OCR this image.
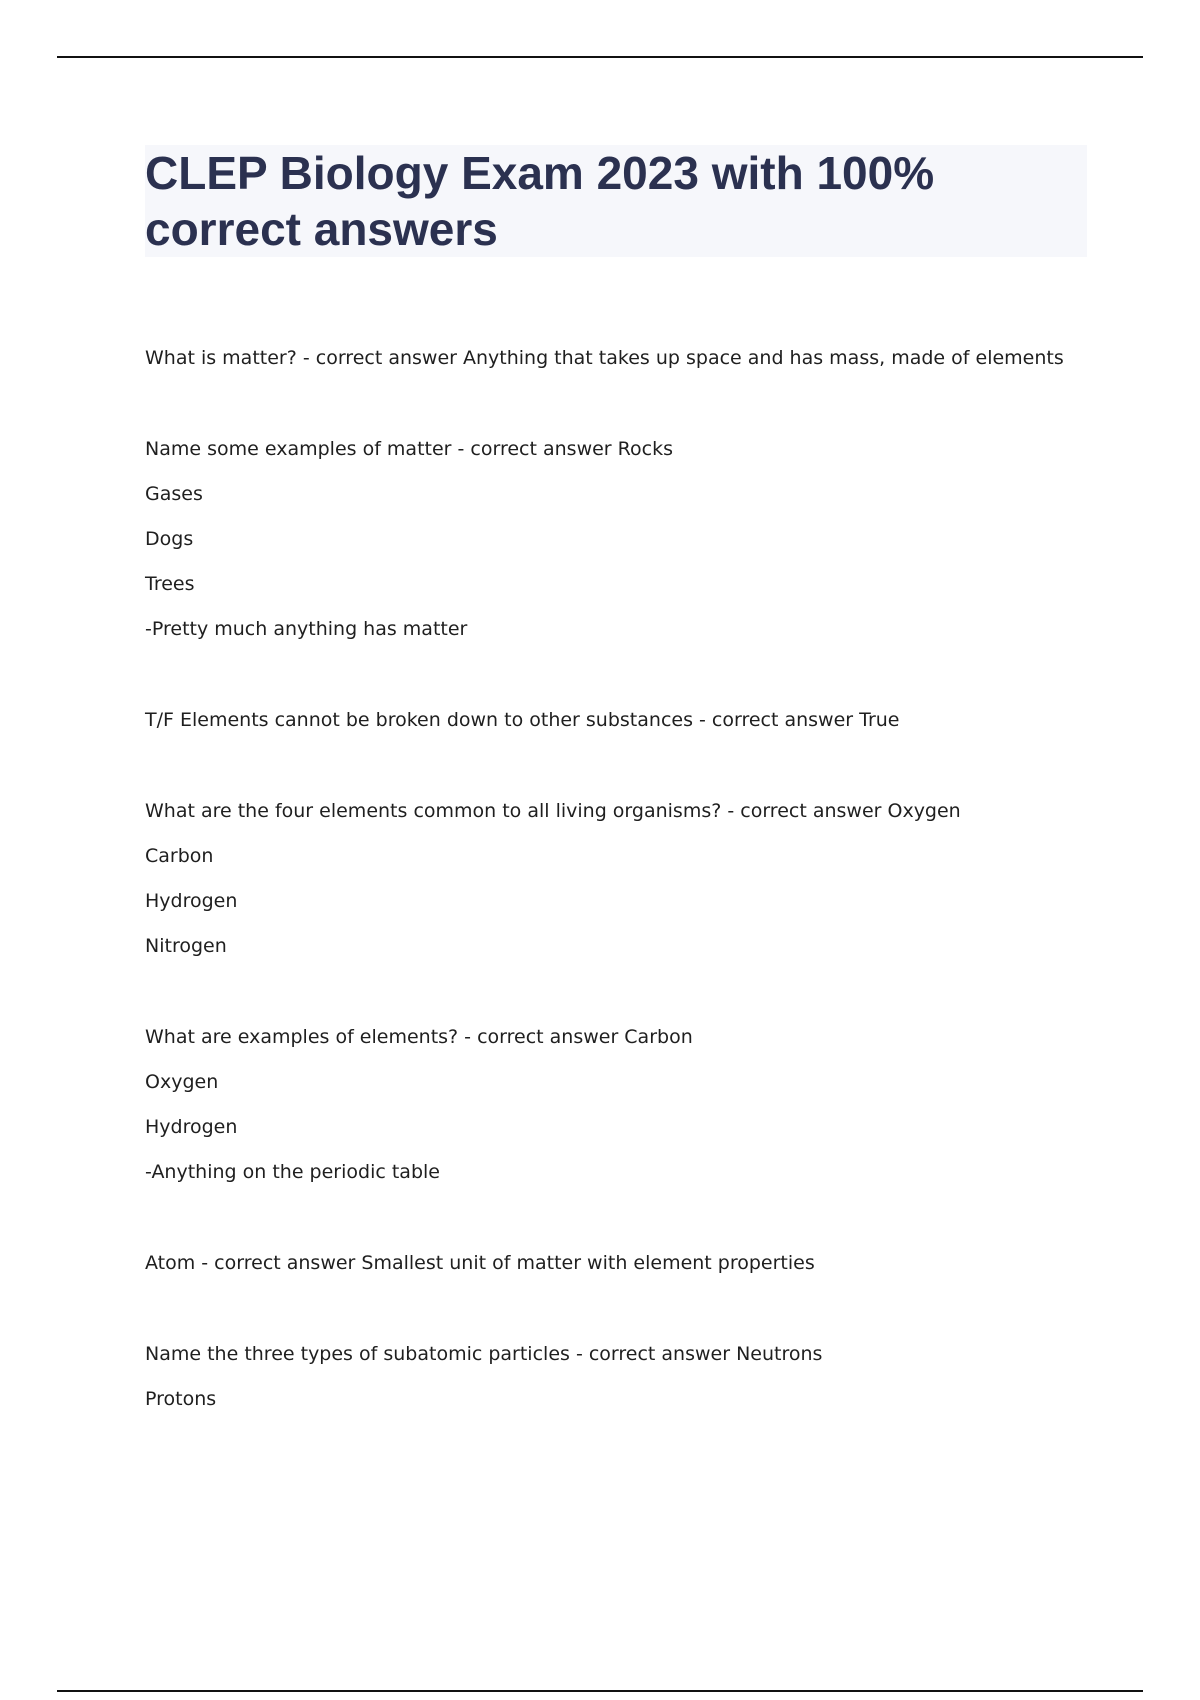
CLEP Biology Exam 2023 with 100%
correct answers
What is matter? - correct answer Anything that takes up space and has mass, made of elements
Name some examples of matter - correct answer Rocks
Gases
Dogs
Trees
-Pretty much anything has matter
T/F Elements cannot be broken down to other substances - correct answer True
What are the four elements common to all living organisms? - correct answer Oxygen
Carbon
Hydrogen
Nitrogen
What are examples of elements? - correct answer Carbon
Oxygen
Hydrogen
-Anything on the periodic table
Atom - correct answer Smallest unit of matter with element properties
Name the three types of subatomic particles - correct answer Neutrons
Protons
